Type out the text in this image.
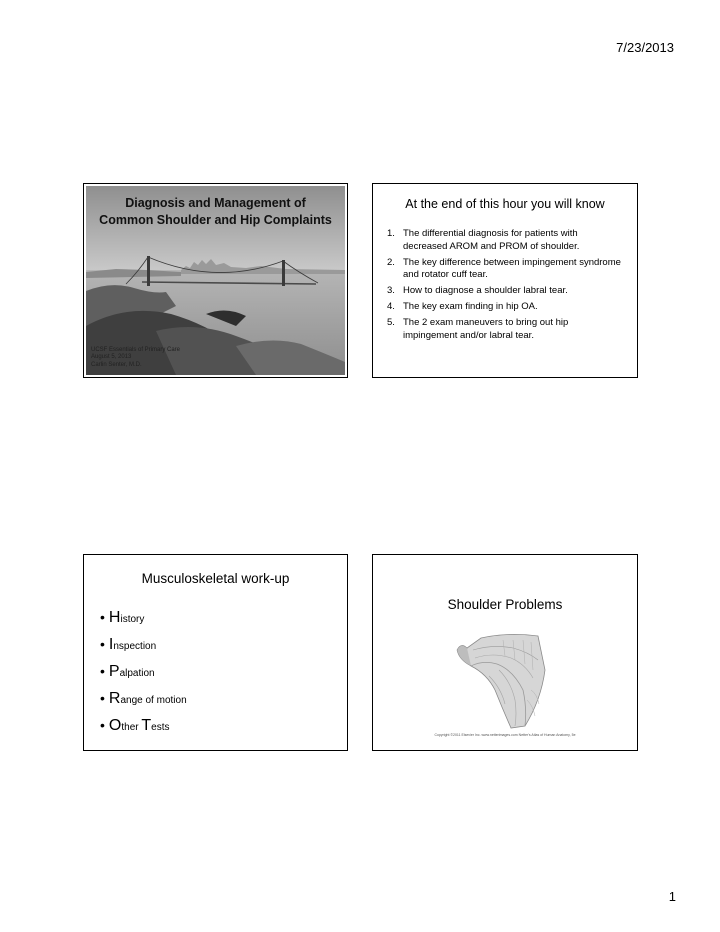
7/23/2013
Diagnosis and Management of Common Shoulder and Hip Complaints
UCSF Essentials of Primary Care
August 5, 2013
Carlin Senter, M.D.
At the end of this hour you will know
1. The differential diagnosis for patients with decreased AROM and PROM of shoulder.
2. The key difference between impingement syndrome and rotator cuff tear.
3. How to diagnose a shoulder labral tear.
4. The key exam finding in hip OA.
5. The 2 exam maneuvers to bring out hip impingement and/or labral tear.
Musculoskeletal work-up
• History
• Inspection
• Palpation
• Range of motion
• Other Tests
Shoulder Problems
Copyright ©2011 Elsevier Inc. www.netterimages.com Netter's Atlas of Human Anatomy, 5e
1
